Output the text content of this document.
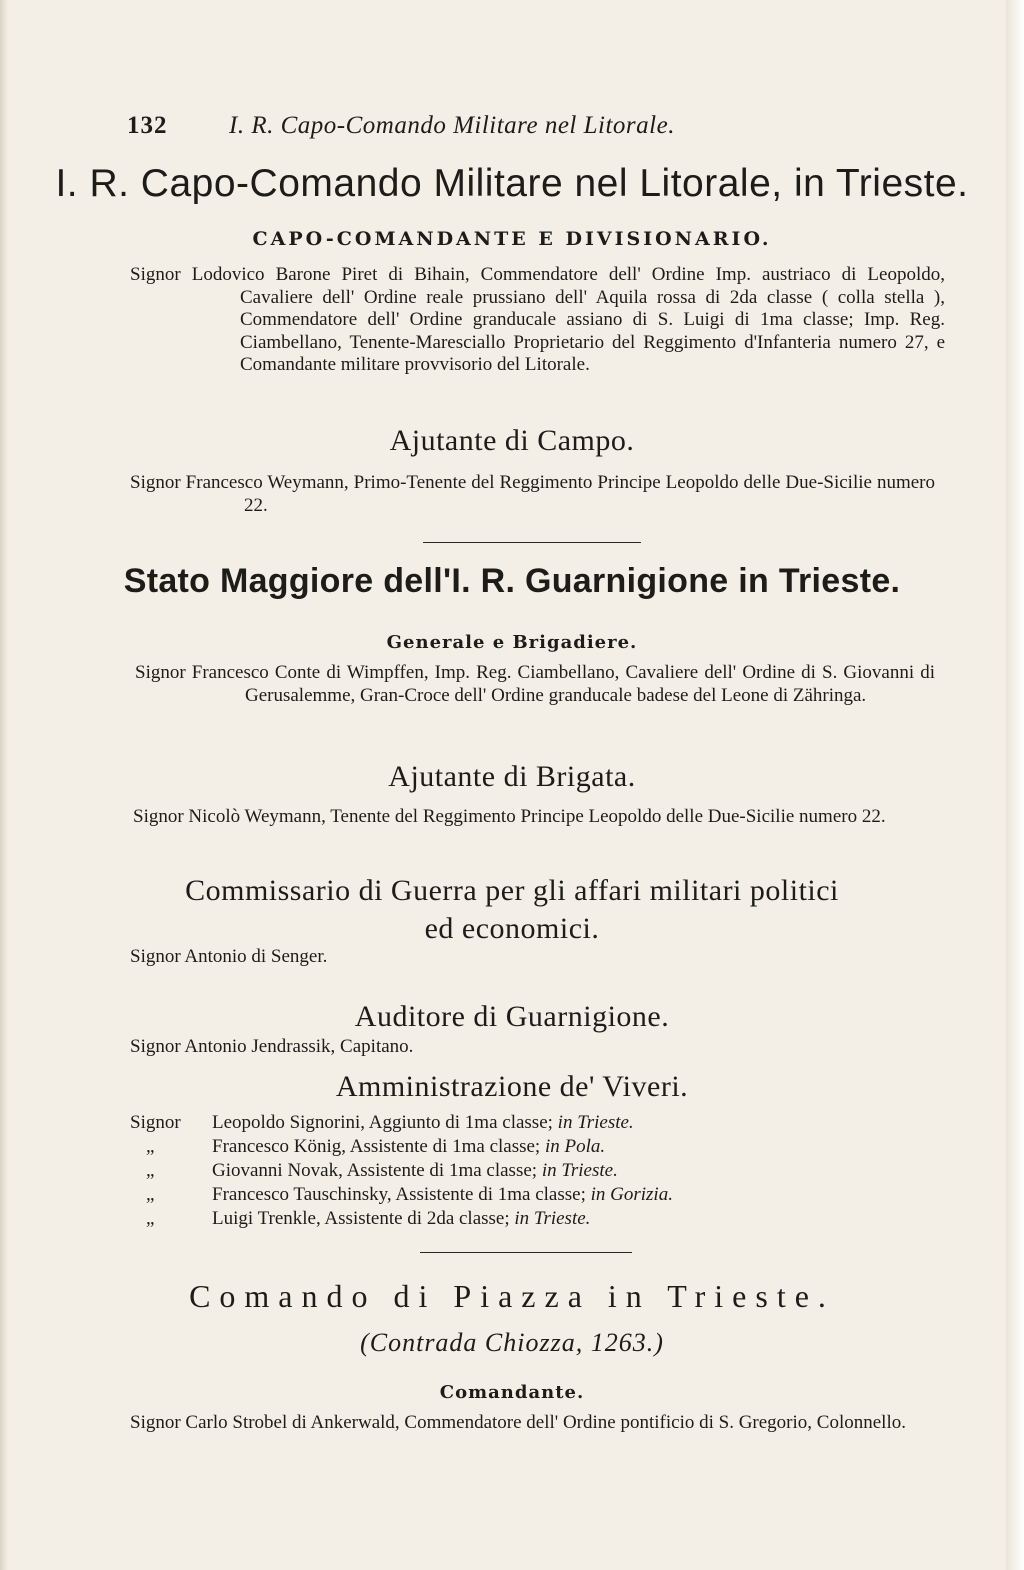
132 I. R. Capo-Comando Militare nel Litorale.
I. R. Capo-Comando Militare nel Litorale, in Trieste.
CAPO-COMANDANTE E DIVISIONARIO.
Signor Lodovico Barone Piret di Bihain, Commendatore dell' Ordine Imp. austriaco di Leopoldo, Cavaliere dell' Ordine reale prussiano dell' Aquila rossa di 2da classe ( colla stella ), Commendatore dell' Ordine granducale assiano di S. Luigi di 1ma classe; Imp. Reg. Ciambellano, Tenente-Maresciallo Proprietario del Reggimento d'Infanteria numero 27, e Comandante militare provvisorio del Litorale.
Ajutante di Campo.
Signor Francesco Weymann, Primo-Tenente del Reggimento Principe Leopoldo delle Due-Sicilie numero 22.
Stato Maggiore dell'I. R. Guarnigione in Trieste.
Generale e Brigadiere.
Signor Francesco Conte di Wimpffen, Imp. Reg. Ciambellano, Cavaliere dell' Ordine di S. Giovanni di Gerusalemme, Gran-Croce dell' Ordine granducale badese del Leone di Zähringa.
Ajutante di Brigata.
Signor Nicolò Weymann, Tenente del Reggimento Principe Leopoldo delle Due-Sicilie numero 22.
Commissario di Guerra per gli affari militari politici
ed economici.
Signor Antonio di Senger.
Auditore di Guarnigione.
Signor Antonio Jendrassik, Capitano.
Amministrazione de' Viveri.
Signor Leopoldo Signorini, Aggiunto di 1ma classe; in Trieste.
„	Francesco König, Assistente di 1ma classe; in Pola.
„	Giovanni Novak, Assistente di 1ma classe; in Trieste.
„	Francesco Tauschinsky, Assistente di 1ma classe; in Gorizia.
„	Luigi Trenkle, Assistente di 2da classe; in Trieste.
Comando di Piazza in Trieste.
(Contrada Chiozza, 1263.)
Comandante.
Signor Carlo Strobel di Ankerwald, Commendatore dell' Ordine pontificio di S. Gregorio, Colonnello.
